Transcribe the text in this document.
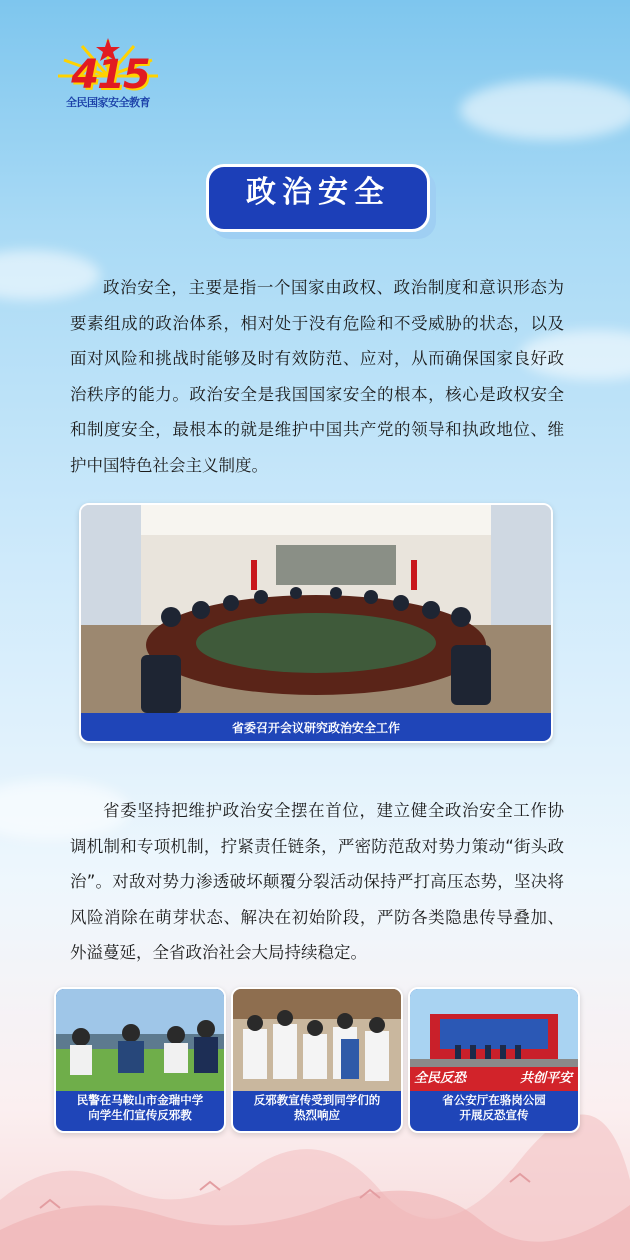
415
全民国家安全教育
政治安全

政治安全，主要是指一个国家由政权、政治制度和意识形态为要素组成的政治体系，相对处于没有危险和不受威胁的状态，以及面对风险和挑战时能够及时有效防范、应对，从而确保国家良好政治秩序的能力。政治安全是我国国家安全的根本，核心是政权安全和制度安全，最根本的就是维护中国共产党的领导和执政地位、维护中国特色社会主义制度。

省委召开会议研究政治安全工作

省委坚持把维护政治安全摆在首位，建立健全政治安全工作协调机制和专项机制，拧紧责任链条，严密防范敌对势力策动“街头政治”。对敌对势力渗透破坏颠覆分裂活动保持严打高压态势，坚决将风险消除在萌芽状态、解决在初始阶段，严防各类隐患传导叠加、外溢蔓延，全省政治社会大局持续稳定。

民警在马鞍山市金瑞中学
向学生们宣传反邪教
反邪教宣传受到同学们的
热烈响应
全民反恐	共创平安
省公安厅在骆岗公园
开展反恐宣传
